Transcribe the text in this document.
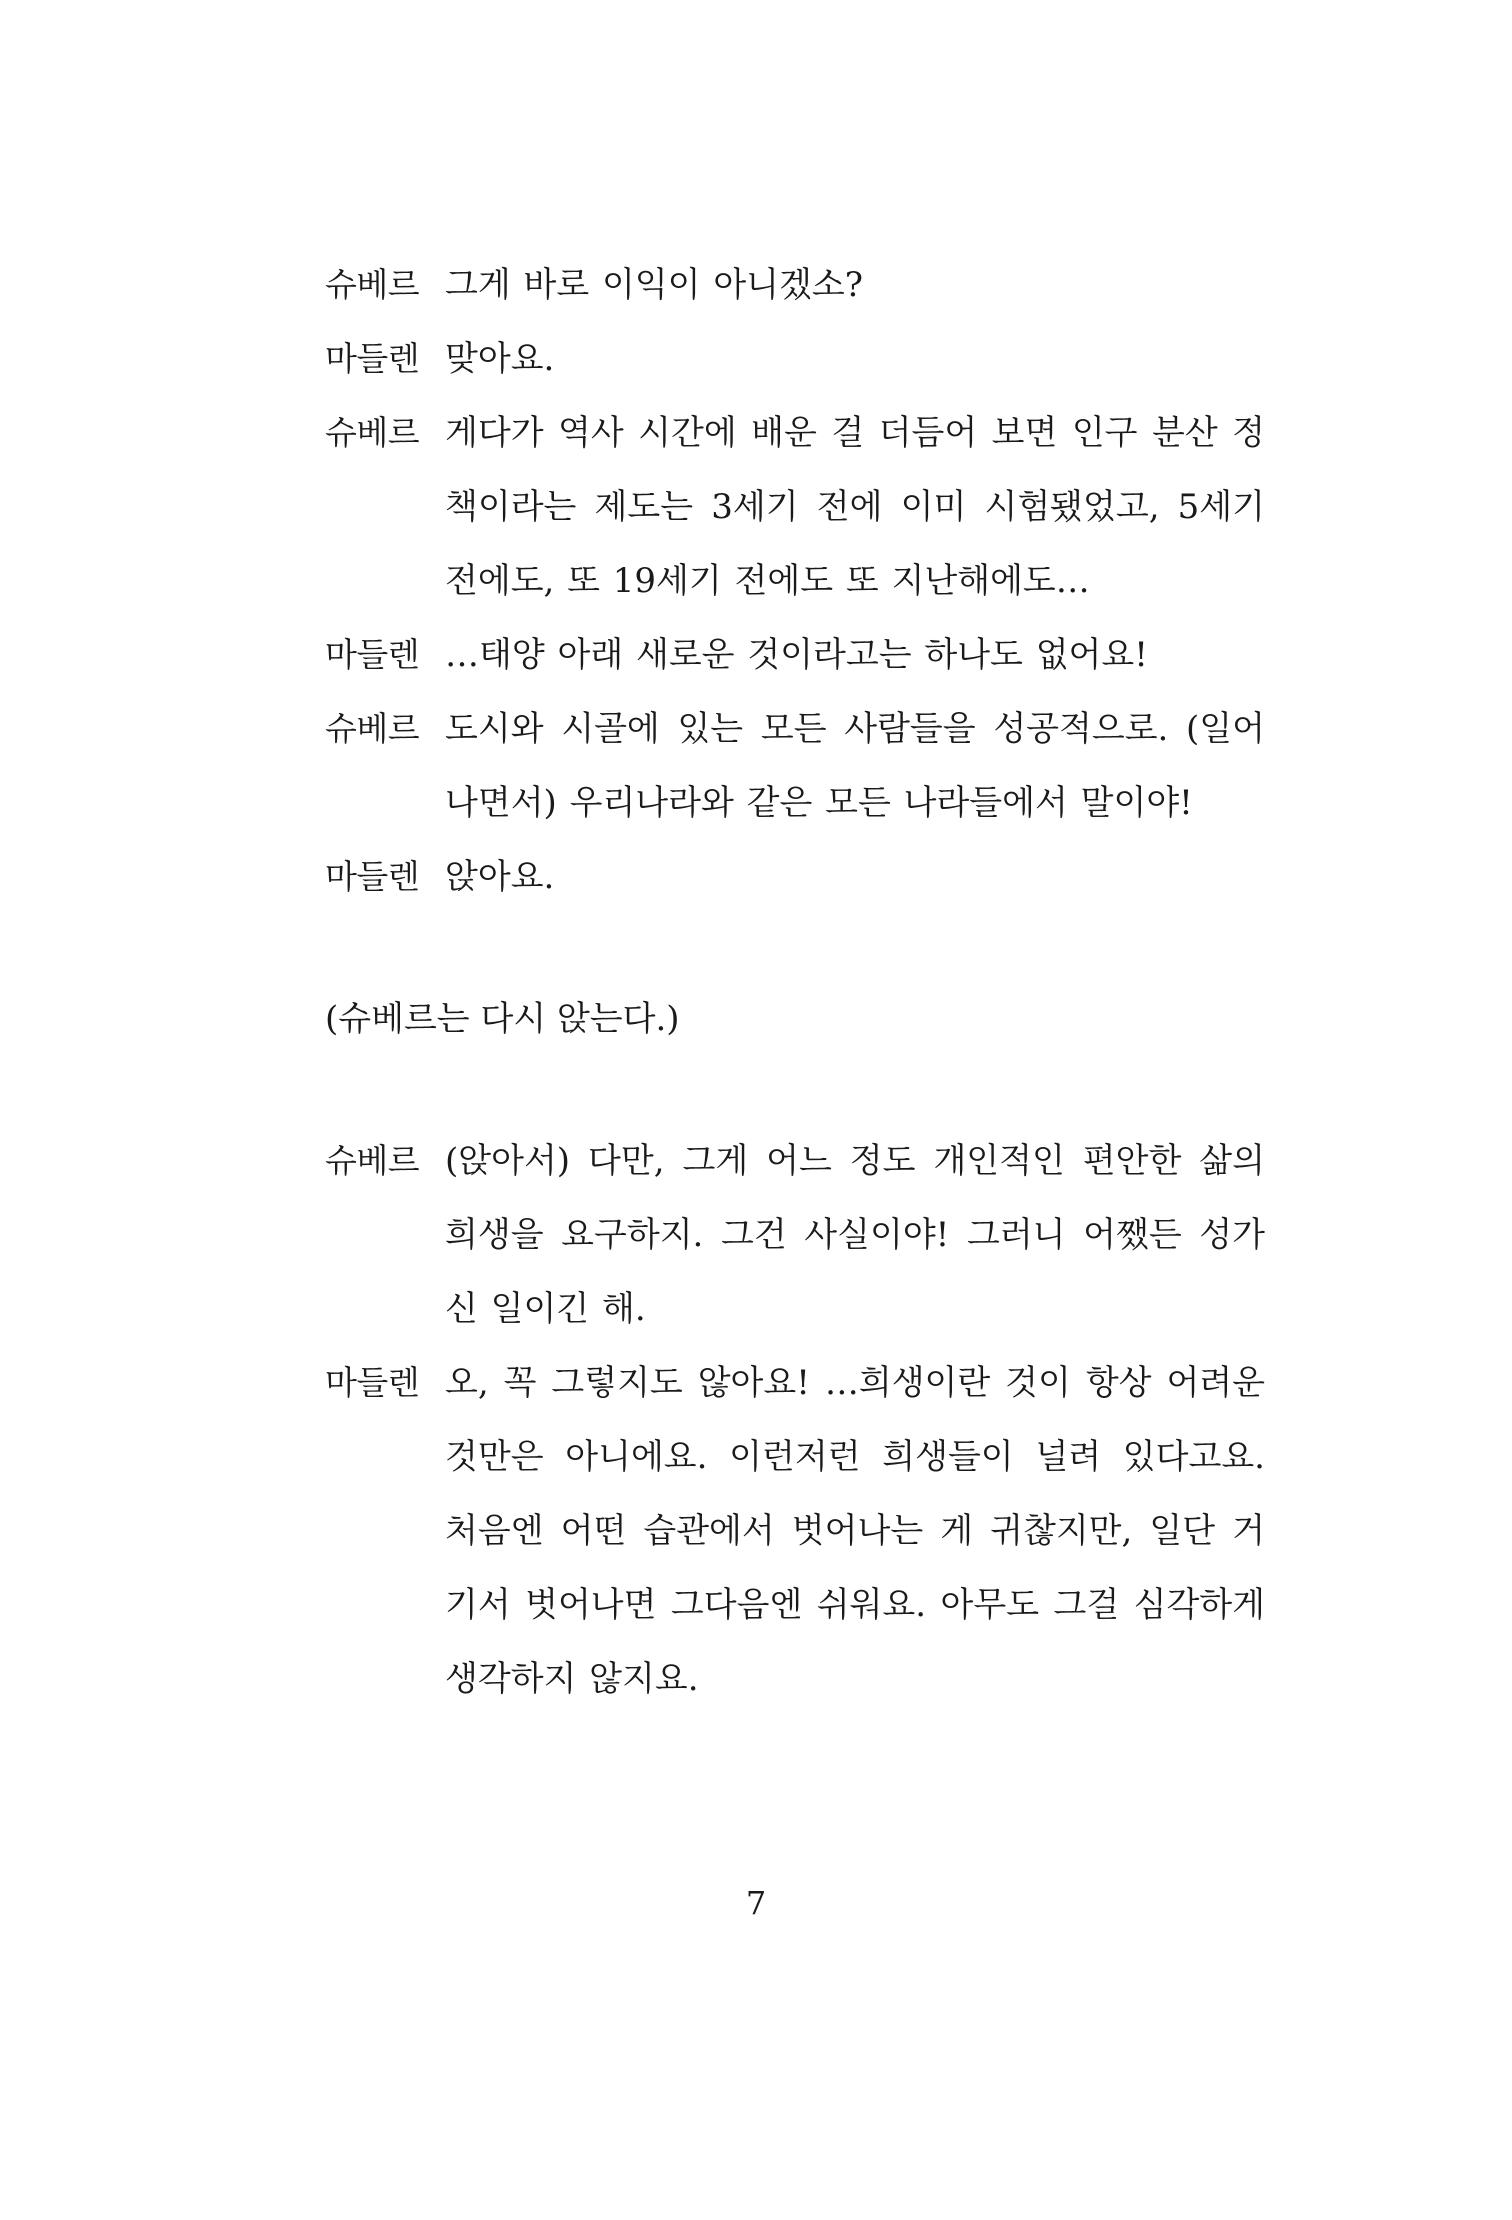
슈베르 그게 바로 이익이 아니겠소?
마들렌 맞아요.
슈베르 게다가 역사 시간에 배운 걸 더듬어 보면 인구 분산 정책이라는 제도는 3세기 전에 이미 시험됐었고, 5세기 전에도, 또 19세기 전에도 또 지난해에도…
마들렌 …태양 아래 새로운 것이라고는 하나도 없어요!
슈베르 도시와 시골에 있는 모든 사람들을 성공적으로. (일어나면서) 우리나라와 같은 모든 나라들에서 말이야!
마들렌 앉아요.
(슈베르는 다시 앉는다.)
슈베르 (앉아서) 다만, 그게 어느 정도 개인적인 편안한 삶의 희생을 요구하지. 그건 사실이야! 그러니 어쨌든 성가신 일이긴 해.
마들렌 오, 꼭 그렇지도 않아요! …희생이란 것이 항상 어려운 것만은 아니에요. 이런저런 희생들이 널려 있다고요. 처음엔 어떤 습관에서 벗어나는 게 귀찮지만, 일단 거기서 벗어나면 그다음엔 쉬워요. 아무도 그걸 심각하게 생각하지 않지요.
7
